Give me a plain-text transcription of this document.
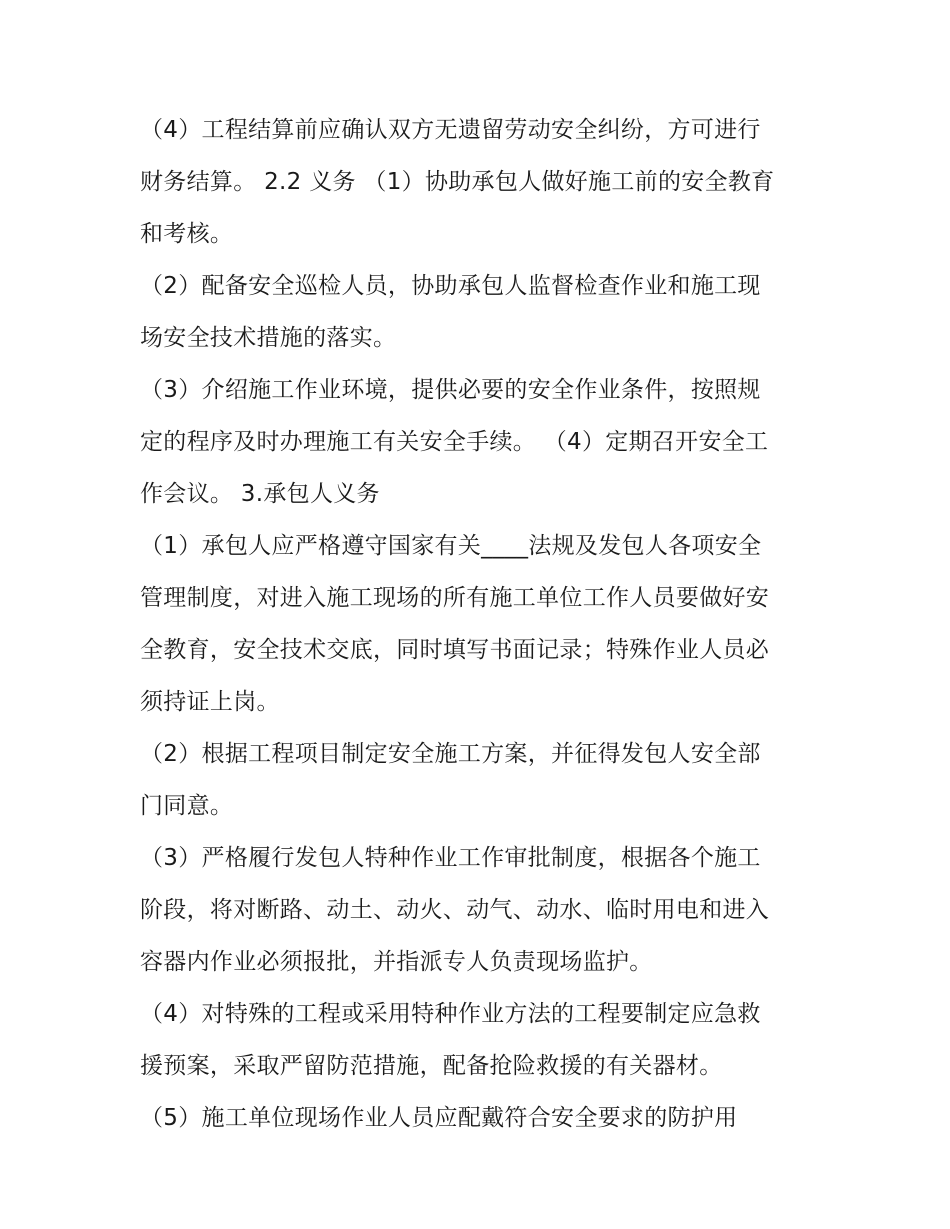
（4）工程结算前应确认双方无遗留劳动安全纠纷，方可进行
财务结算。 2.2 义务 （1）协助承包人做好施工前的安全教育
和考核。
（2）配备安全巡检人员，协助承包人监督检查作业和施工现
场安全技术措施的落实。
（3）介绍施工作业环境，提供必要的安全作业条件，按照规
定的程序及时办理施工有关安全手续。 （4）定期召开安全工
作会议。 3.承包人义务
（1）承包人应严格遵守国家有关____法规及发包人各项安全
管理制度，对进入施工现场的所有施工单位工作人员要做好安
全教育，安全技术交底，同时填写书面记录；特殊作业人员必
须持证上岗。
（2）根据工程项目制定安全施工方案，并征得发包人安全部
门同意。
（3）严格履行发包人特种作业工作审批制度，根据各个施工
阶段，将对断路、动土、动火、动气、动水、临时用电和进入
容器内作业必须报批，并指派专人负责现场监护。
（4）对特殊的工程或采用特种作业方法的工程要制定应急救
援预案，采取严留防范措施，配备抢险救援的有关器材。
（5）施工单位现场作业人员应配戴符合安全要求的防护用
